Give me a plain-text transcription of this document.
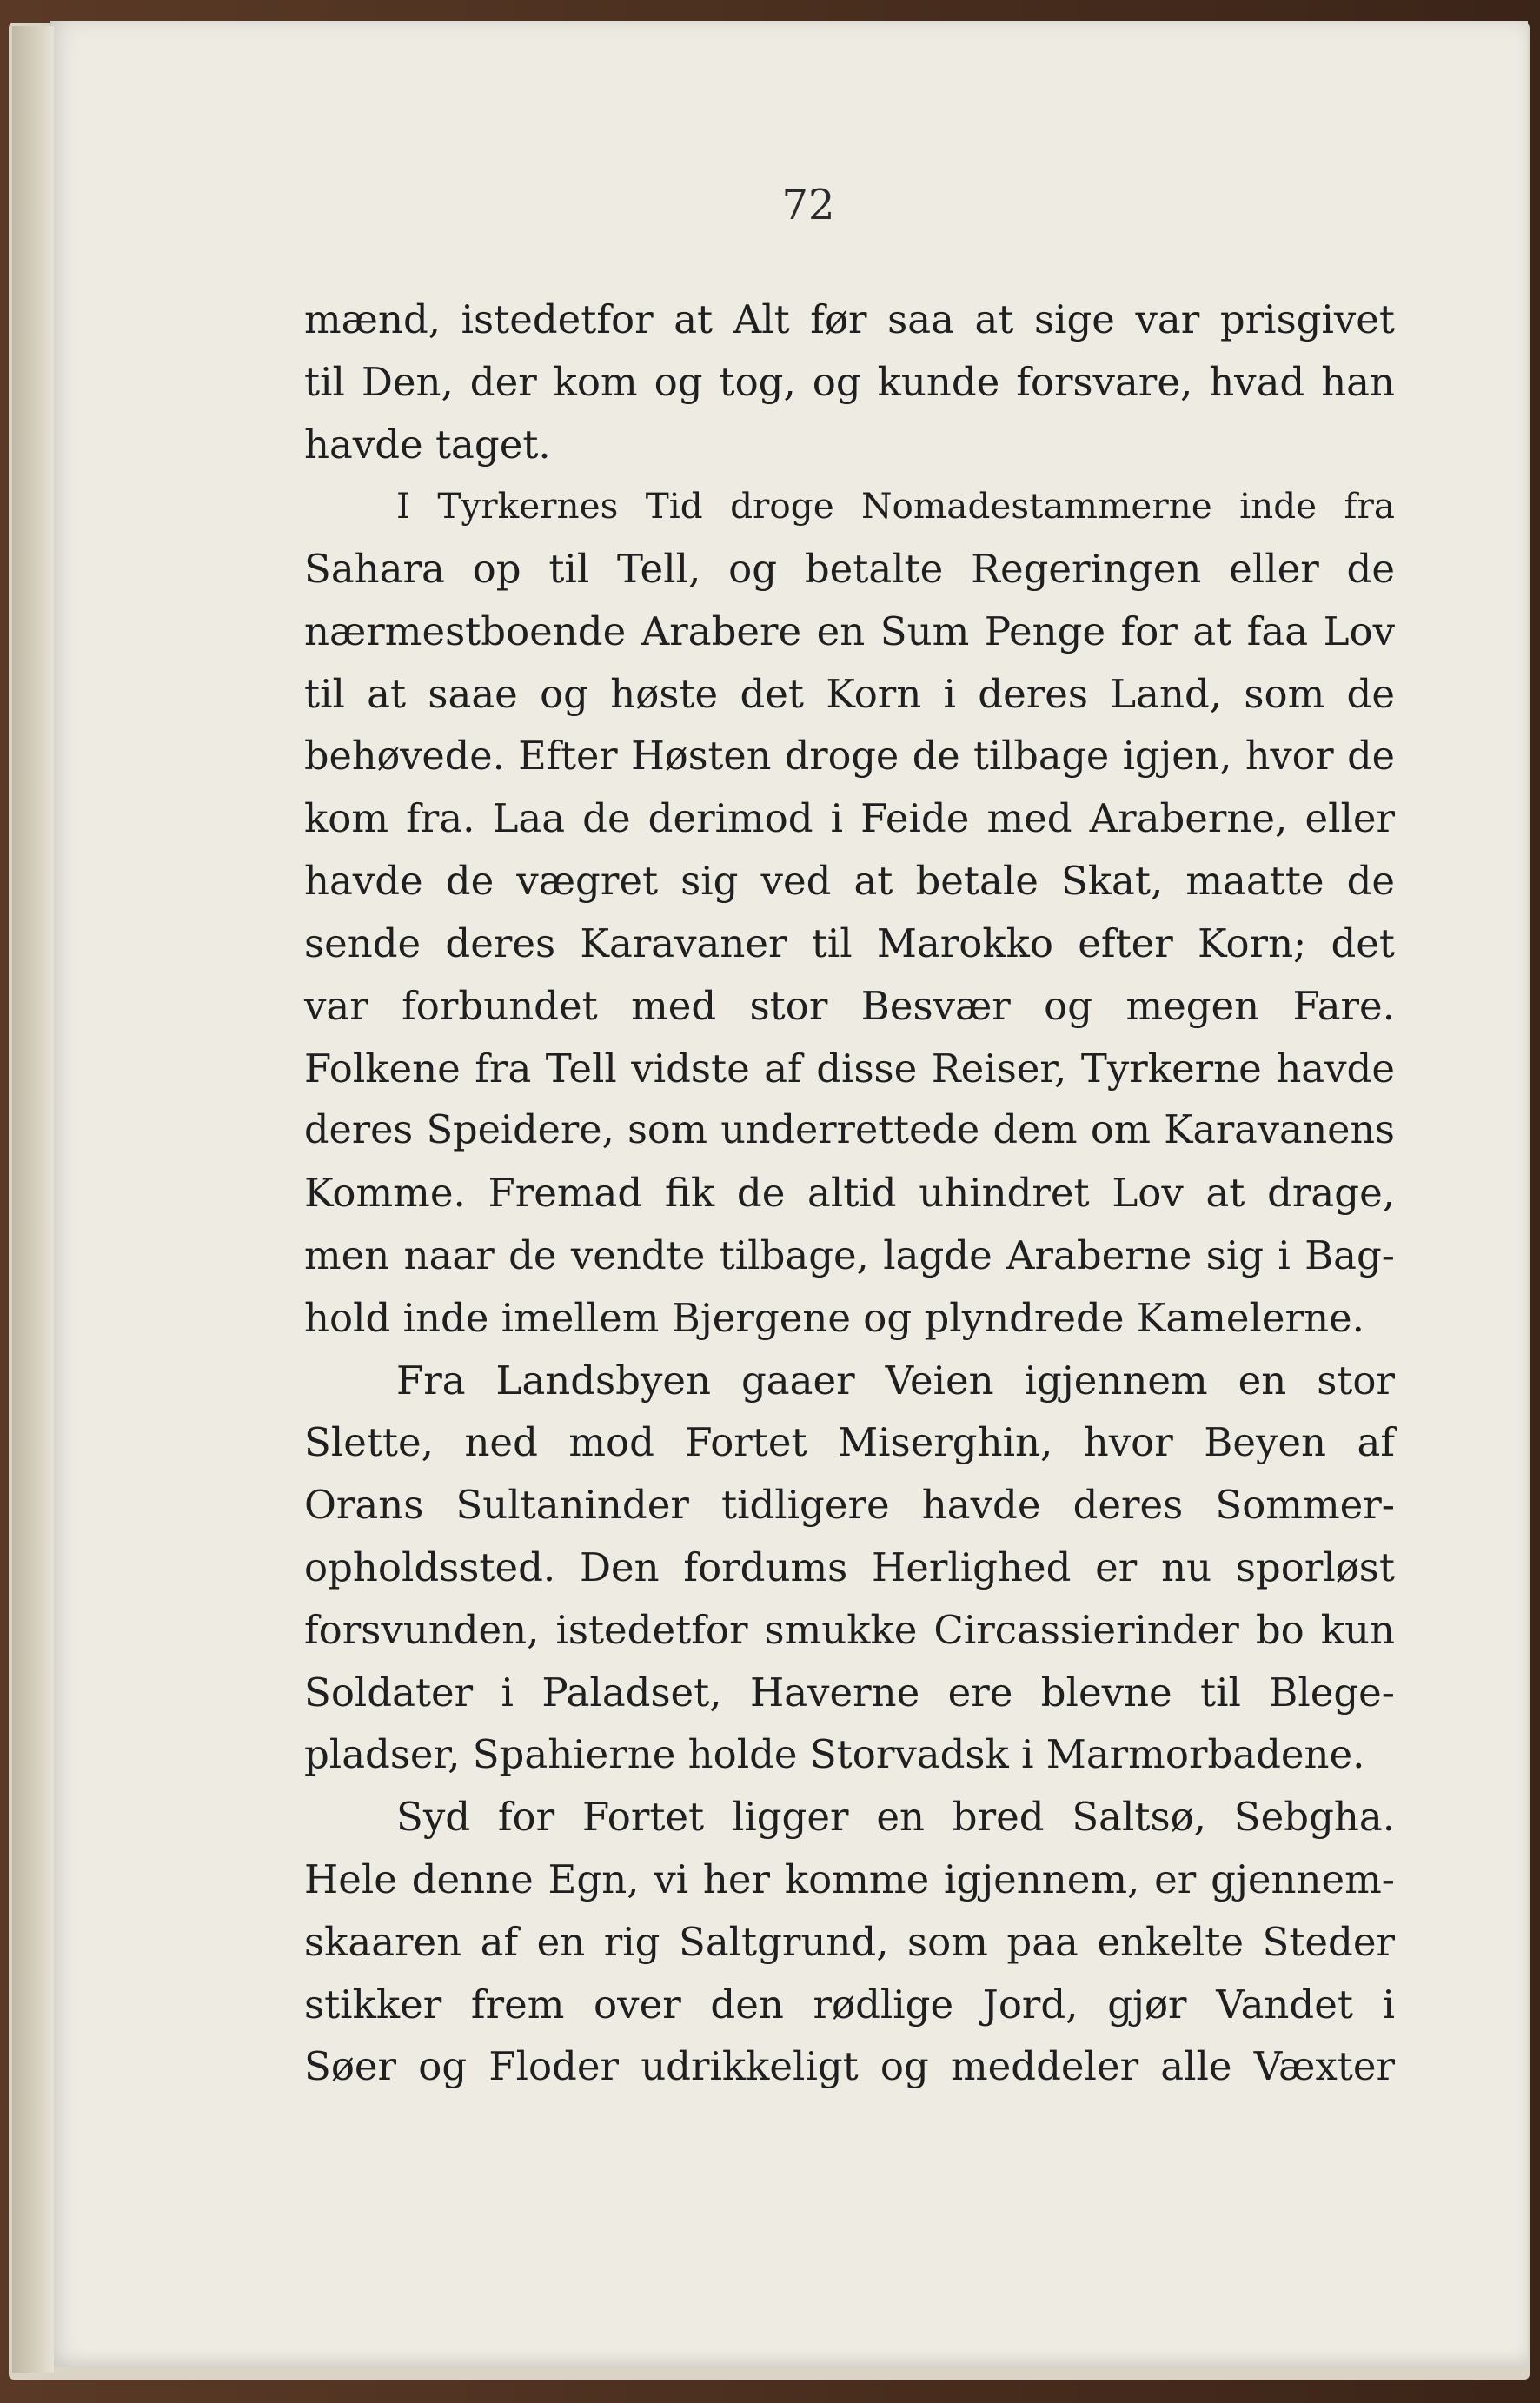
72
mænd, istedetfor at Alt før saa at sige var prisgivet
til Den, der kom og tog, og kunde forsvare, hvad han
havde taget.
I Tyrkernes Tid droge Nomadestammerne inde fra
Sahara op til Tell, og betalte Regeringen eller de
nærmestboende Arabere en Sum Penge for at faa Lov
til at saae og høste det Korn i deres Land, som de
behøvede. Efter Høsten droge de tilbage igjen, hvor de
kom fra. Laa de derimod i Feide med Araberne, eller
havde de vægret sig ved at betale Skat, maatte de
sende deres Karavaner til Marokko efter Korn; det
var forbundet med stor Besvær og megen Fare.
Folkene fra Tell vidste af disse Reiser, Tyrkerne havde
deres Speidere, som underrettede dem om Karavanens
Komme. Fremad fik de altid uhindret Lov at drage,
men naar de vendte tilbage, lagde Araberne sig i Bag-
hold inde imellem Bjergene og plyndrede Kamelerne.
Fra Landsbyen gaaer Veien igjennem en stor
Slette, ned mod Fortet Miserghin, hvor Beyen af
Orans Sultaninder tidligere havde deres Sommer-
opholdssted. Den fordums Herlighed er nu sporløst
forsvunden, istedetfor smukke Circassierinder bo kun
Soldater i Paladset, Haverne ere blevne til Blege-
pladser, Spahierne holde Storvadsk i Marmorbadene.
Syd for Fortet ligger en bred Saltsø, Sebgha.
Hele denne Egn, vi her komme igjennem, er gjennem-
skaaren af en rig Saltgrund, som paa enkelte Steder
stikker frem over den rødlige Jord, gjør Vandet i
Søer og Floder udrikkeligt og meddeler alle Væxter
